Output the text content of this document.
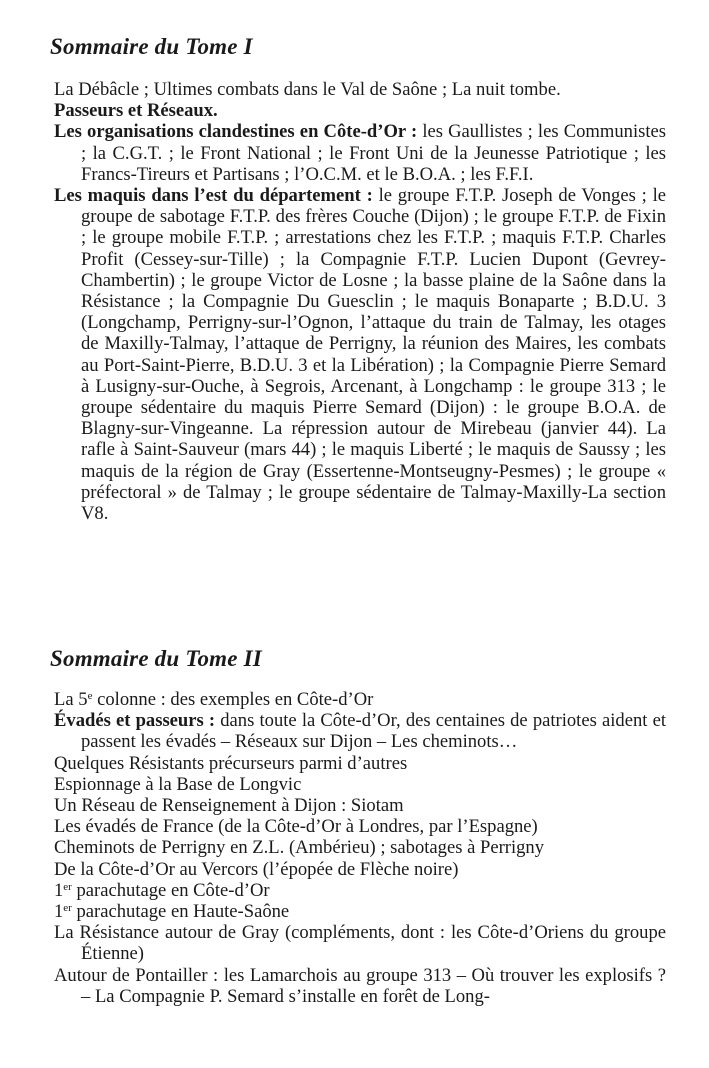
Sommaire du Tome I

La Débâcle ; Ultimes combats dans le Val de Saône ; La nuit tombe.

Passeurs et Réseaux.

Les organisations clandestines en Côte-d’Or : les Gaullistes ; les Communistes ; la C.G.T. ; le Front National ; le Front Uni de la Jeunesse Patriotique ; les Francs-Tireurs et Partisans ; l’O.C.M. et le B.O.A. ; les F.F.I.

Les maquis dans l’est du département : le groupe F.T.P. Joseph de Vonges ; le groupe de sabotage F.T.P. des frères Couche (Dijon) ; le groupe F.T.P. de Fixin ; le groupe mobile F.T.P. ; arrestations chez les F.T.P. ; maquis F.T.P. Charles Profit (Cessey-sur-Tille) ; la Compagnie F.T.P. Lucien Dupont (Gevrey-Chambertin) ; le groupe Victor de Losne ; la basse plaine de la Saône dans la Résistance ; la Compagnie Du Guesclin ; le maquis Bonaparte ; B.D.U. 3 (Longchamp, Perrigny-sur-l’Ognon, l’attaque du train de Talmay, les otages de Maxilly-Talmay, l’attaque de Perrigny, la réunion des Maires, les combats au Port-Saint-Pierre, B.D.U. 3 et la Libération) ; la Compagnie Pierre Semard à Lusigny-sur-Ouche, à Segrois, Arcenant, à Longchamp : le groupe 313 ; le groupe sédentaire du maquis Pierre Semard (Dijon) : le groupe B.O.A. de Blagny-sur-Vingeanne. La répression autour de Mirebeau (janvier 44). La rafle à Saint-Sauveur (mars 44) ; le maquis Liberté ; le maquis de Saussy ; les maquis de la région de Gray (Essertenne-Montseugny-Pesmes) ; le groupe « préfectoral » de Talmay ; le groupe sédentaire de Talmay-Maxilly-La section V8.

Sommaire du Tome II

La 5e colonne : des exemples en Côte-d’Or

Évadés et passeurs : dans toute la Côte-d’Or, des centaines de patriotes aident et passent les évadés – Réseaux sur Dijon – Les cheminots…

Quelques Résistants précurseurs parmi d’autres

Espionnage à la Base de Longvic

Un Réseau de Renseignement à Dijon : Siotam

Les évadés de France (de la Côte-d’Or à Londres, par l’Espagne)

Cheminots de Perrigny en Z.L. (Ambérieu) ; sabotages à Perrigny

De la Côte-d’Or au Vercors (l’épopée de Flèche noire)

1er parachutage en Côte-d’Or

1er parachutage en Haute-Saône

La Résistance autour de Gray (compléments, dont : les Côte-d’Oriens du groupe Étienne)

Autour de Pontailler : les Lamarchois au groupe 313 – Où trouver les explosifs ? – La Compagnie P. Semard s’installe en forêt de Long-
